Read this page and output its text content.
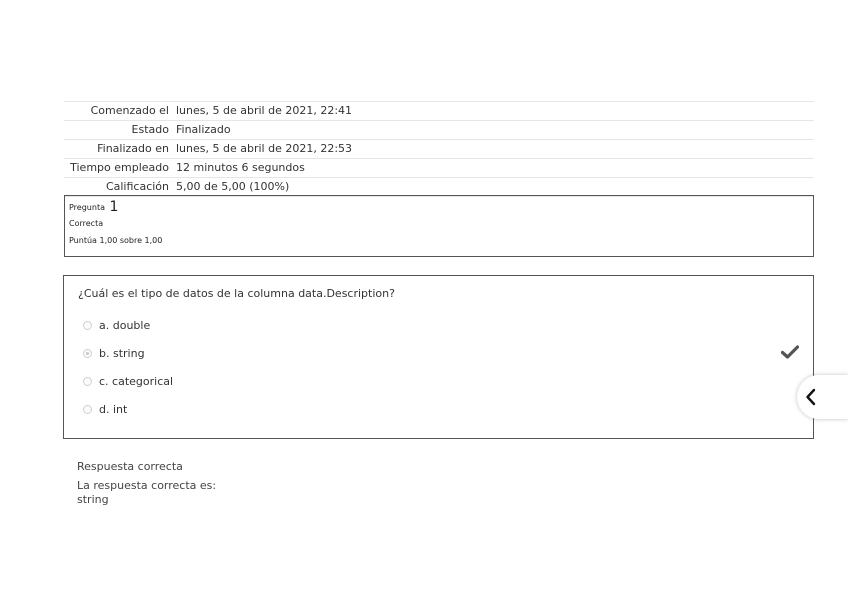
Comenzado el	lunes, 5 de abril de 2021, 22:41
Estado	Finalizado
Finalizado en	lunes, 5 de abril de 2021, 22:53
Tiempo empleado	12 minutos 6 segundos
Calificación	5,00 de 5,00 (100%)
Pregunta 1
Correcta
Puntúa 1,00 sobre 1,00
¿Cuál es el tipo de datos de la columna data.Description?
a. double
b. string
c. categorical
d. int
Respuesta correcta
La respuesta correcta es:
string
